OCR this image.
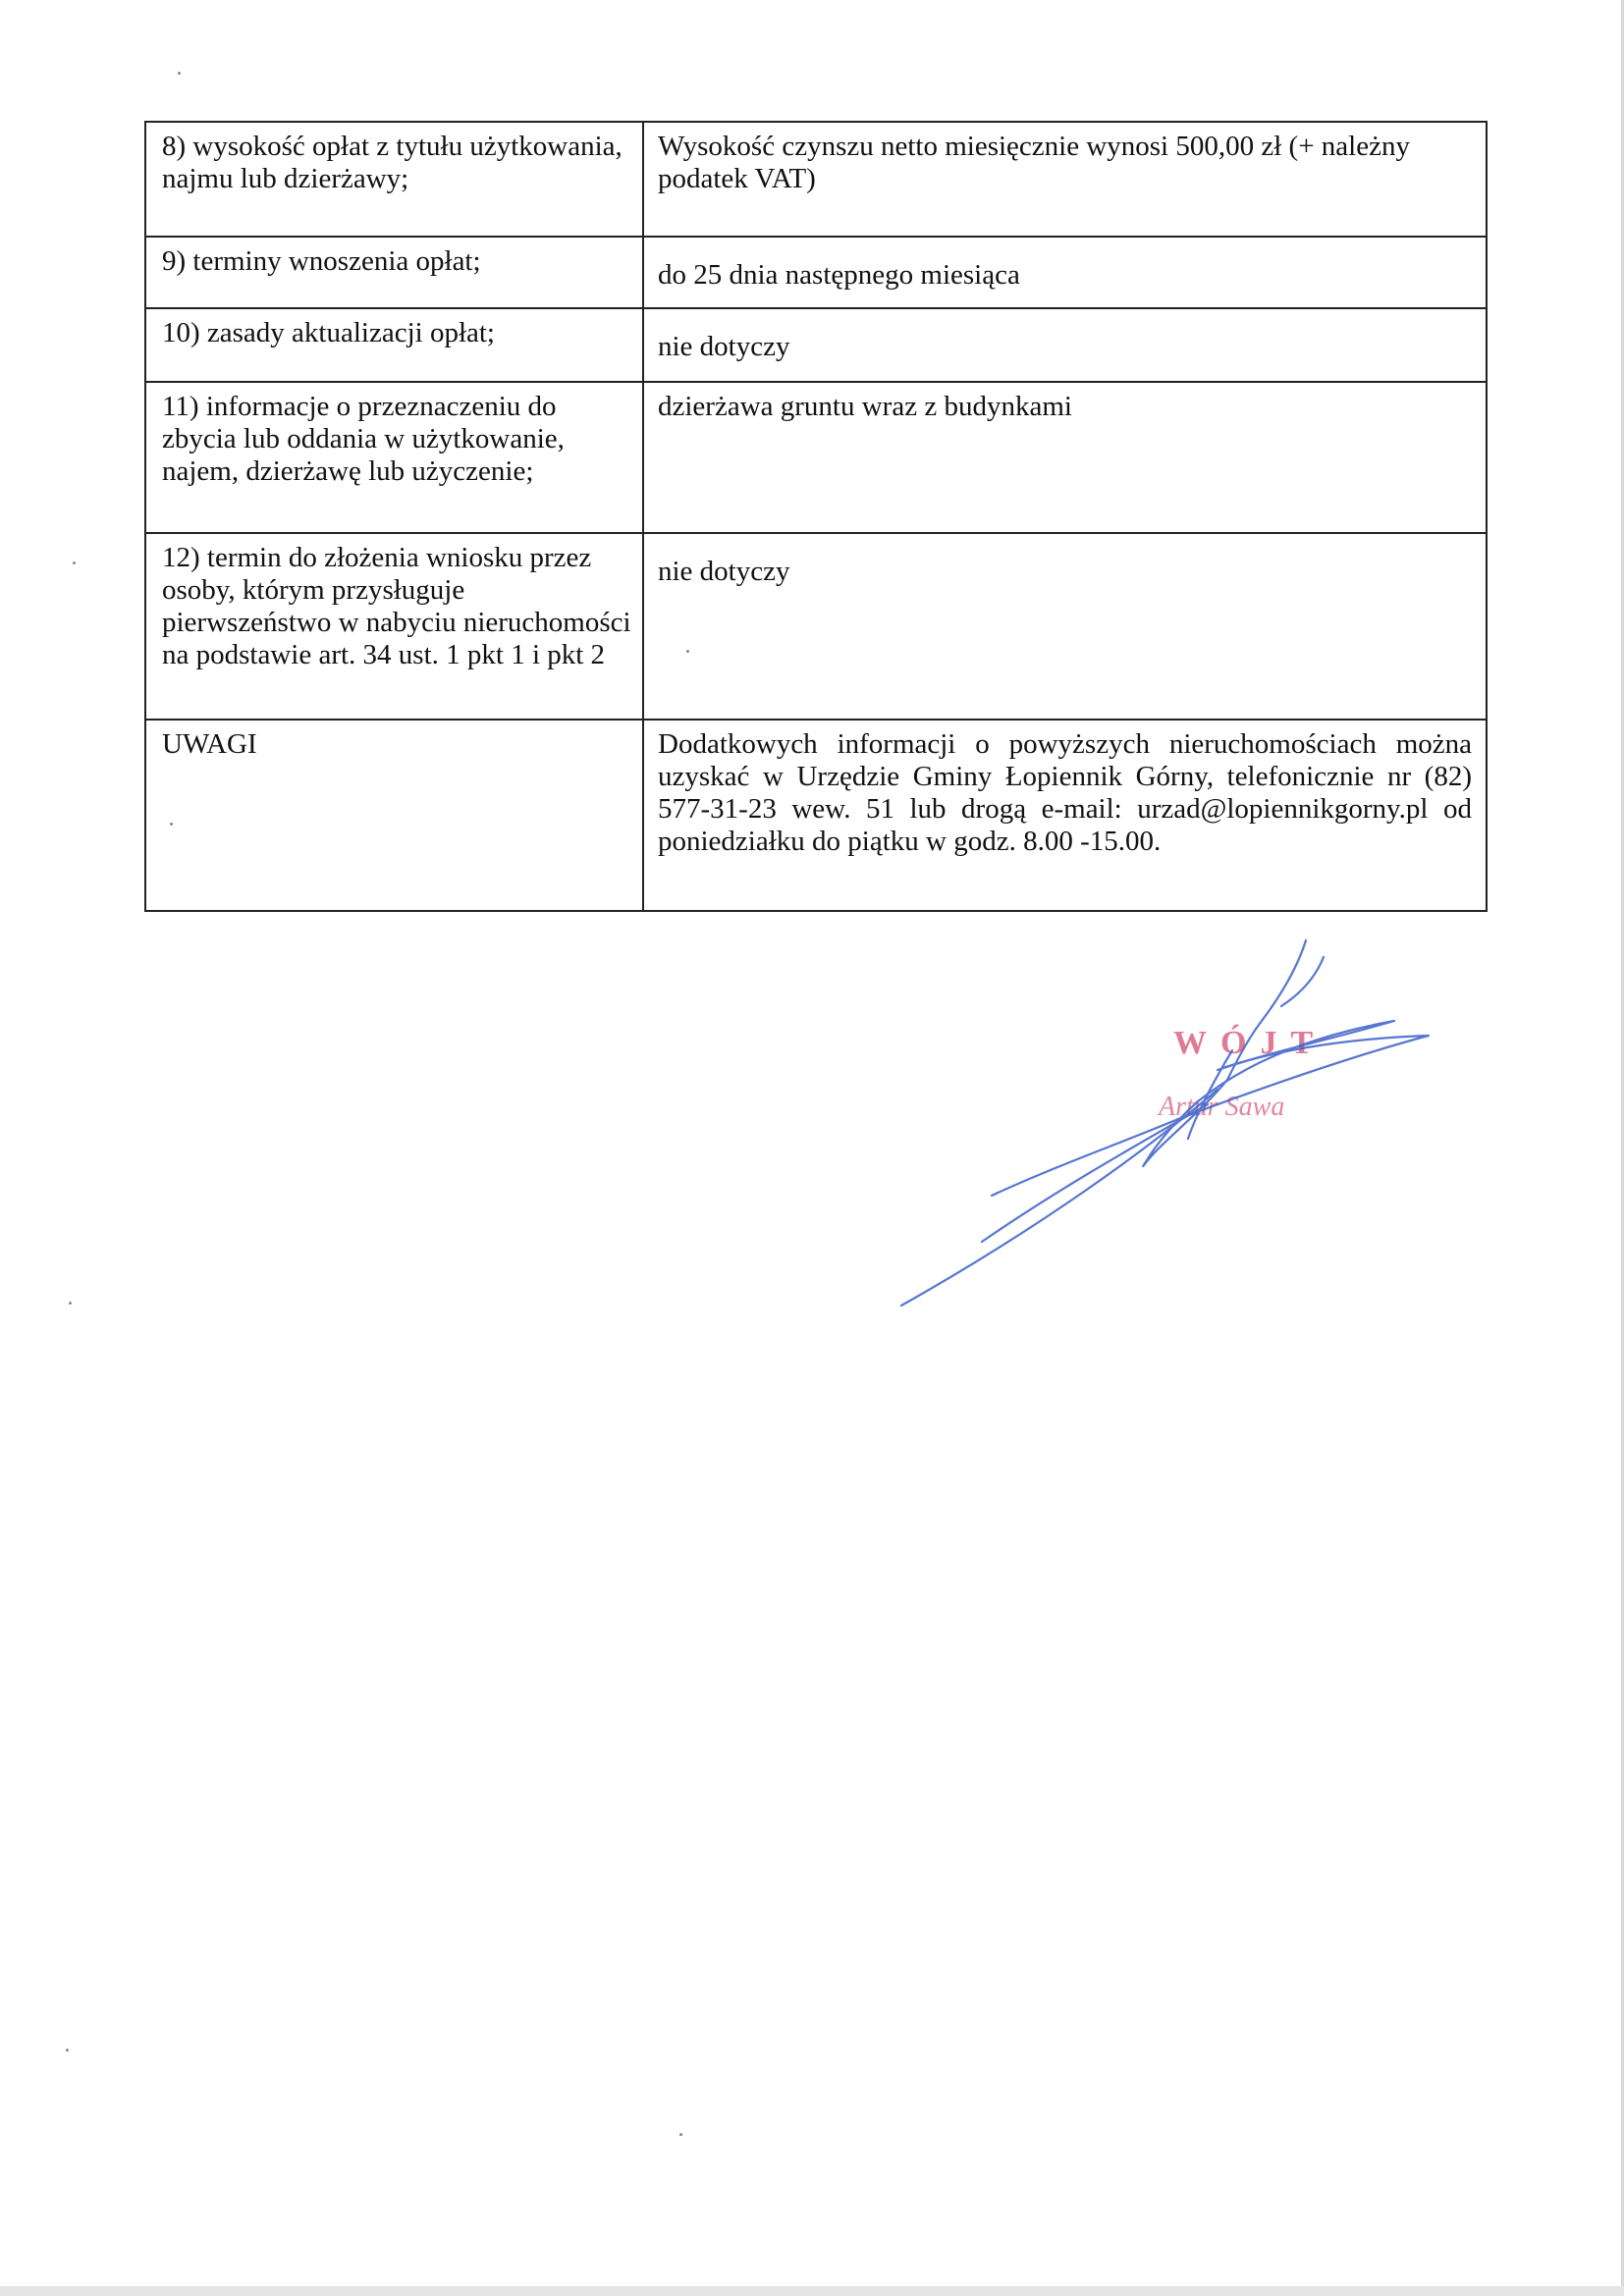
8) wysokość opłat z tytułu użytkowania, najmu lub dzierżawy;	Wysokość czynszu netto miesięcznie wynosi 500,00 zł (+ należny podatek VAT)
9) terminy wnoszenia opłat;	do 25 dnia następnego miesiąca
10) zasady aktualizacji opłat;	nie dotyczy
11) informacje o przeznaczeniu do zbycia lub oddania w użytkowanie, najem, dzierżawę lub użyczenie;	dzierżawa gruntu wraz z budynkami
12) termin do złożenia wniosku przez osoby, którym przysługuje pierwszeństwo w nabyciu nieruchomości na podstawie art. 34 ust. 1 pkt 1 i pkt 2	nie dotyczy
UWAGI	Dodatkowych informacji o powyższych nieruchomościach można uzyskać w Urzędzie Gminy Łopiennik Górny, telefonicznie nr (82) 577-31-23 wew. 51 lub drogą e-mail: urzad@lopiennikgorny.pl od poniedziałku do piątku w godz. 8.00 -15.00.
WÓJT
Artur Sawa
